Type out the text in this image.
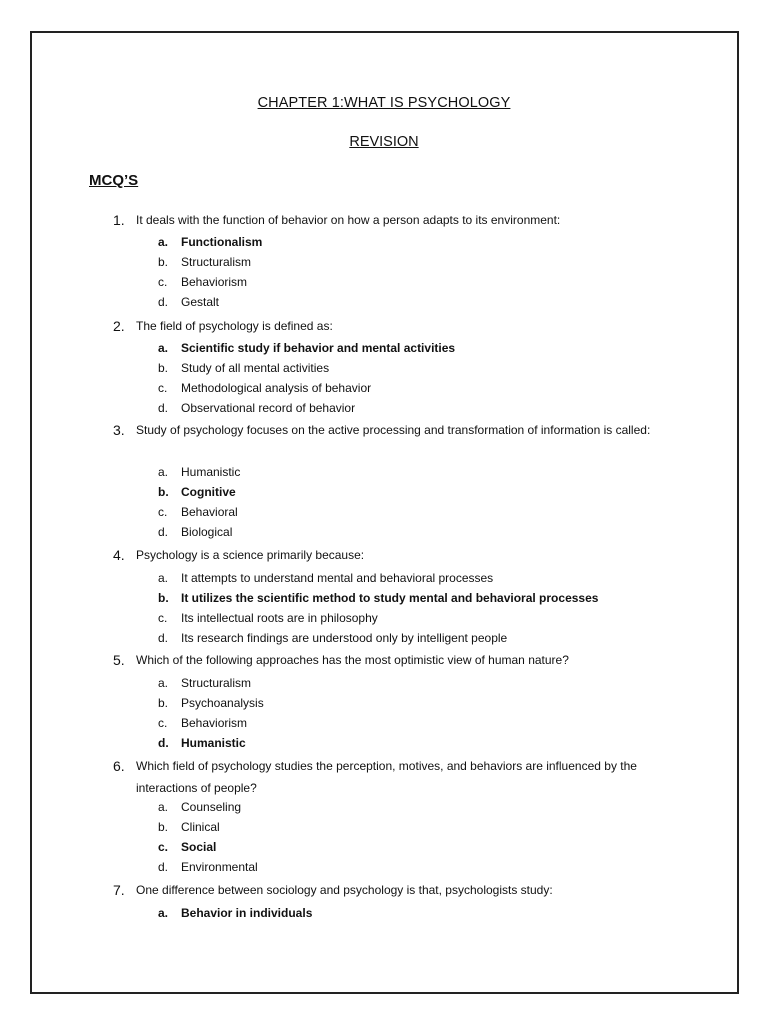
CHAPTER 1:WHAT IS PSYCHOLOGY
REVISION
MCQ’S
1. It deals with the function of behavior on how a person adapts to its environment:
a. Functionalism
b. Structuralism
c. Behaviorism
d. Gestalt
2. The field of psychology is defined as:
a. Scientific study if behavior and mental activities
b. Study of all mental activities
c. Methodological analysis of behavior
d. Observational record of behavior
3. Study of psychology focuses on the active processing and transformation of information is called:
a. Humanistic
b. Cognitive
c. Behavioral
d. Biological
4. Psychology is a science primarily because:
a. It attempts to understand mental and behavioral processes
b. It utilizes the scientific method to study mental and behavioral processes
c. Its intellectual roots are in philosophy
d. Its research findings are understood only by intelligent people
5. Which of the following approaches has the most optimistic view of human nature?
a. Structuralism
b. Psychoanalysis
c. Behaviorism
d. Humanistic
6. Which field of psychology studies the perception, motives, and behaviors are influenced by the interactions of people?
a. Counseling
b. Clinical
c. Social
d. Environmental
7. One difference between sociology and psychology is that, psychologists study:
a. Behavior in individuals
